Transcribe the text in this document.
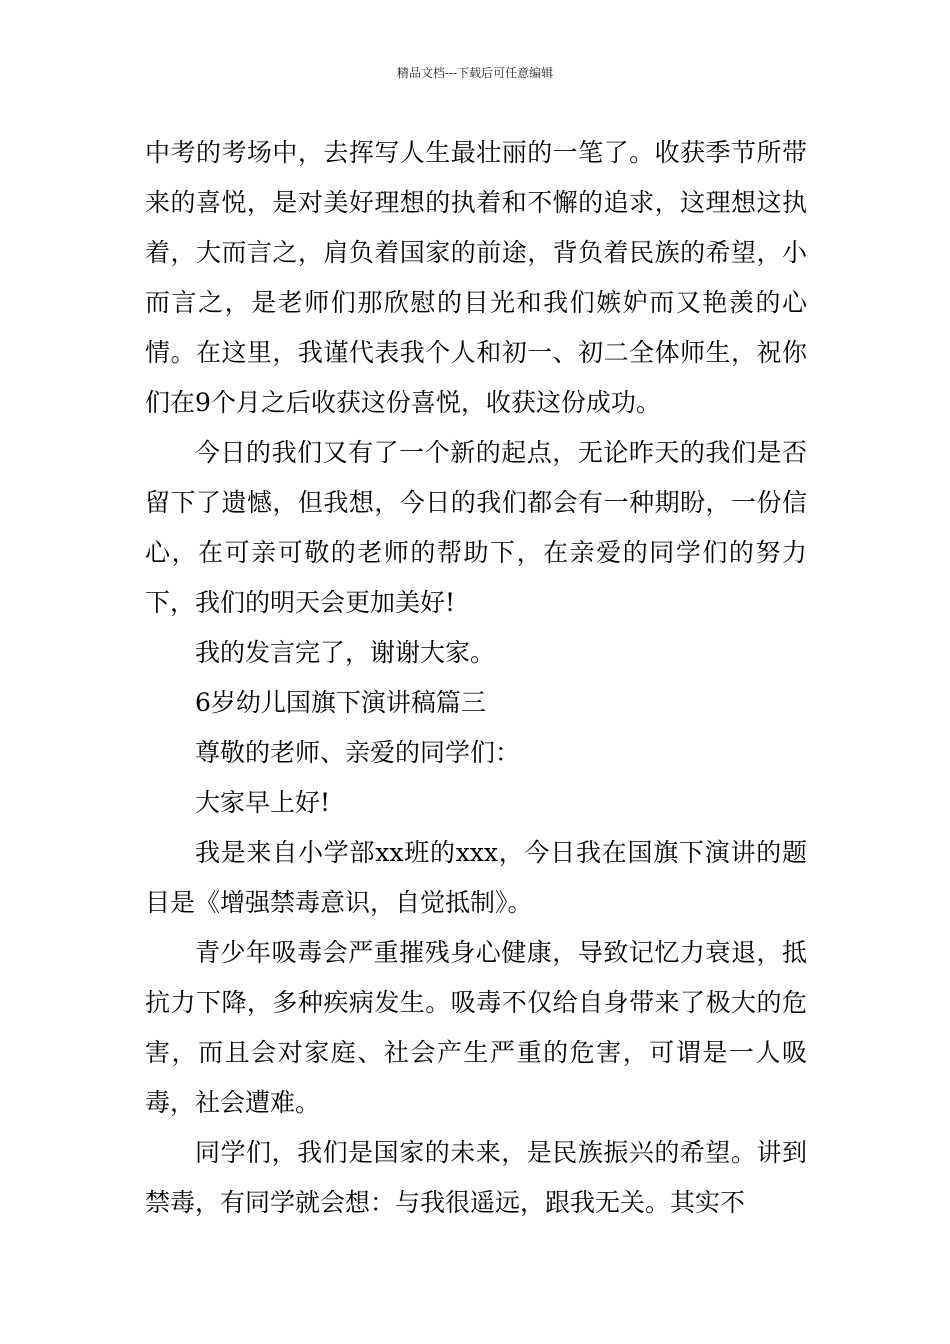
精品文档---下载后可任意编辑

中考的考场中，去挥写人生最壮丽的一笔了。收获季节所带来的喜悦，是对美好理想的执着和不懈的追求，这理想这执着，大而言之，肩负着国家的前途，背负着民族的希望，小而言之，是老师们那欣慰的目光和我们嫉妒而又艳羡的心情。在这里，我谨代表我个人和初一、初二全体师生，祝你们在9个月之后收获这份喜悦，收获这份成功。

今日的我们又有了一个新的起点，无论昨天的我们是否留下了遗憾，但我想，今日的我们都会有一种期盼，一份信心，在可亲可敬的老师的帮助下，在亲爱的同学们的努力下，我们的明天会更加美好!

我的发言完了，谢谢大家。

6岁幼儿国旗下演讲稿篇三

尊敬的老师、亲爱的同学们：

大家早上好!

我是来自小学部xx班的xxx，今日我在国旗下演讲的题目是《增强禁毒意识，自觉抵制》。

青少年吸毒会严重摧残身心健康，导致记忆力衰退，抵抗力下降，多种疾病发生。吸毒不仅给自身带来了极大的危害，而且会对家庭、社会产生严重的危害，可谓是一人吸毒，社会遭难。

同学们，我们是国家的未来，是民族振兴的希望。讲到禁毒，有同学就会想：与我很遥远，跟我无关。其实不
